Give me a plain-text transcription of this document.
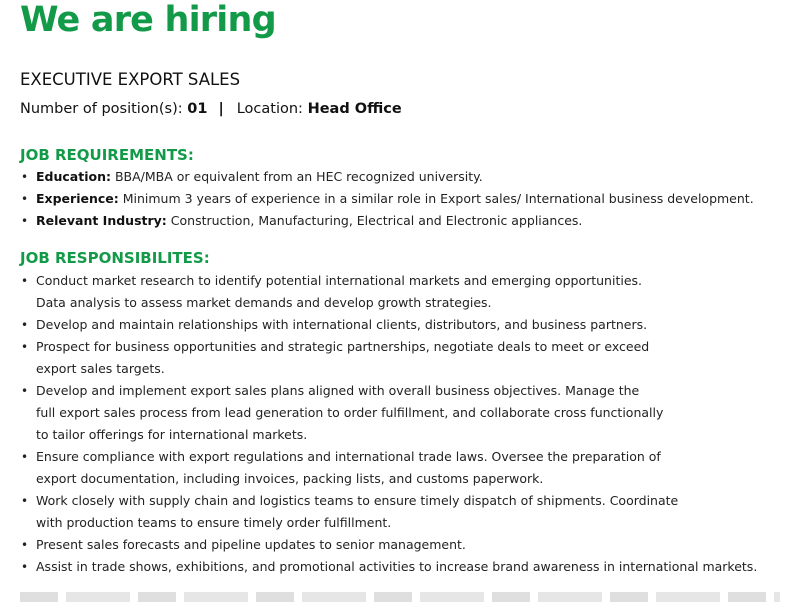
We are hiring
EXECUTIVE EXPORT SALES

Number of position(s): 01 | Location: Head Office

JOB REQUIREMENTS:
• Education: BBA/MBA or equivalent from an HEC recognized university.
• Experience: Minimum 3 years of experience in a similar role in Export sales/ International business development.
• Relevant Industry: Construction, Manufacturing, Electrical and Electronic appliances.
JOB RESPONSIBILITES:
• Conduct market research to identify potential international markets and emerging opportunities.
Data analysis to assess market demands and develop growth strategies.
• Develop and maintain relationships with international clients, distributors, and business partners.
• Prospect for business opportunities and strategic partnerships, negotiate deals to meet or exceed
export sales targets.
• Develop and implement export sales plans aligned with overall business objectives. Manage the
full export sales process from lead generation to order fulfillment, and collaborate cross functionally
to tailor offerings for international markets.
• Ensure compliance with export regulations and international trade laws. Oversee the preparation of
export documentation, including invoices, packing lists, and customs paperwork.
• Work closely with supply chain and logistics teams to ensure timely dispatch of shipments. Coordinate
with production teams to ensure timely order fulfillment.
• Present sales forecasts and pipeline updates to senior management.
• Assist in trade shows, exhibitions, and promotional activities to increase brand awareness in international markets.
